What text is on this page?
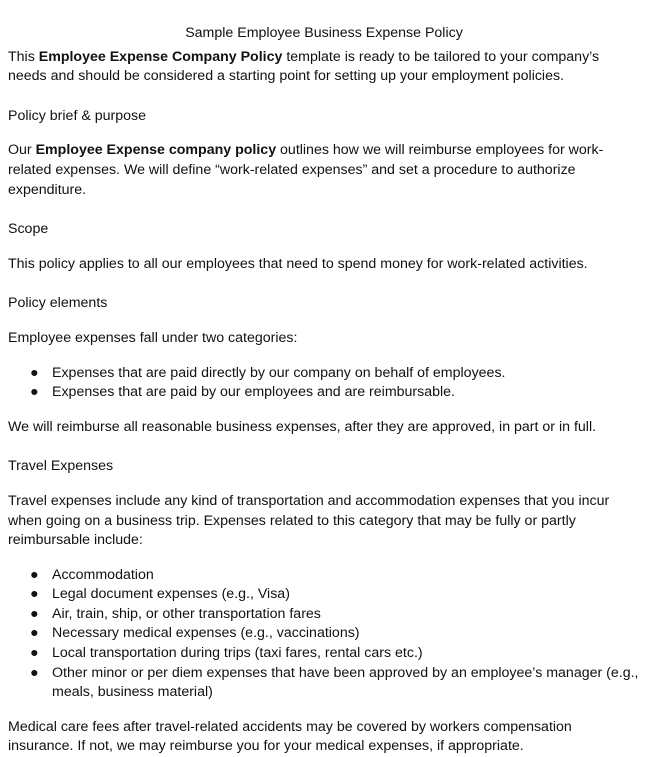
Sample Employee Business Expense Policy

This Employee Expense Company Policy template is ready to be tailored to your company’s needs and should be considered a starting point for setting up your employment policies.

Policy brief & purpose

Our Employee Expense company policy outlines how we will reimburse employees for work-related expenses. We will define “work-related expenses” and set a procedure to authorize expenditure.

Scope

This policy applies to all our employees that need to spend money for work-related activities.

Policy elements

Employee expenses fall under two categories:

● Expenses that are paid directly by our company on behalf of employees.
● Expenses that are paid by our employees and are reimbursable.

We will reimburse all reasonable business expenses, after they are approved, in part or in full.

Travel Expenses

Travel expenses include any kind of transportation and accommodation expenses that you incur when going on a business trip. Expenses related to this category that may be fully or partly reimbursable include:

● Accommodation
● Legal document expenses (e.g., Visa)
● Air, train, ship, or other transportation fares
● Necessary medical expenses (e.g., vaccinations)
● Local transportation during trips (taxi fares, rental cars etc.)
● Other minor or per diem expenses that have been approved by an employee’s manager (e.g., meals, business material)

Medical care fees after travel-related accidents may be covered by workers compensation insurance. If not, we may reimburse you for your medical expenses, if appropriate.
